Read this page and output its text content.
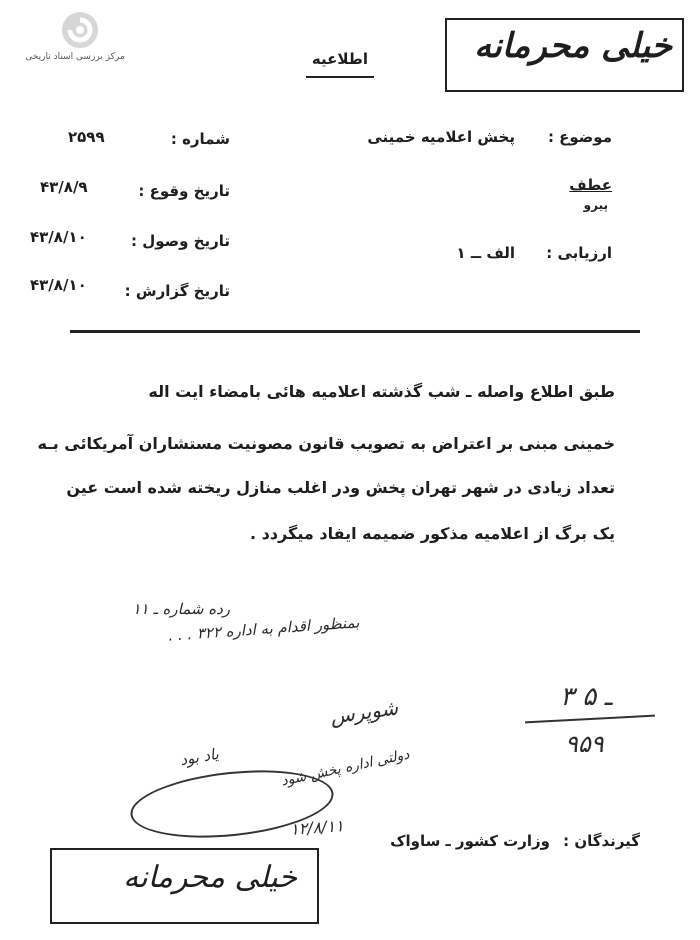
مرکز بررسی اسناد تاریخی	خیلی محرمانه
اطلاعیه
موضوع :
پخش اعلامیه خمینی
عطف
پیرو
ارزیابی :
الف ــ ۱
شماره :
۲۵۹۹
تاریخ وقوع :
۴۳/۸/۹
تاریخ وصول :
۴۳/۸/۱۰
تاریخ گزارش :
۴۳/۸/۱۰
طبق اطلاع واصله ـ شب گذشته اعلامیه هائی بامضاء ایت اله
خمینی مبنی بر اعتراض به تصویب قانون مصونیت مستشاران آمریکائی بـه
تعداد زیادی در شهر تهران پخش ودر اغلب منازل ریخته شده است عین
یک برگ از اعلامیه مذکور ضمیمه ایفاد میگردد .
رده شماره ـ ۱۱
بمنظور اقدام به اداره ۳۲۲ . . .
۳ ـ ۵
۹۵۹
شوپرس
دولتی اداره پخش شود
یاد بود
۱۲/۸/۱۱
گیرندگان :
وزارت کشور ـ ساواک
خیلی محرمانه
